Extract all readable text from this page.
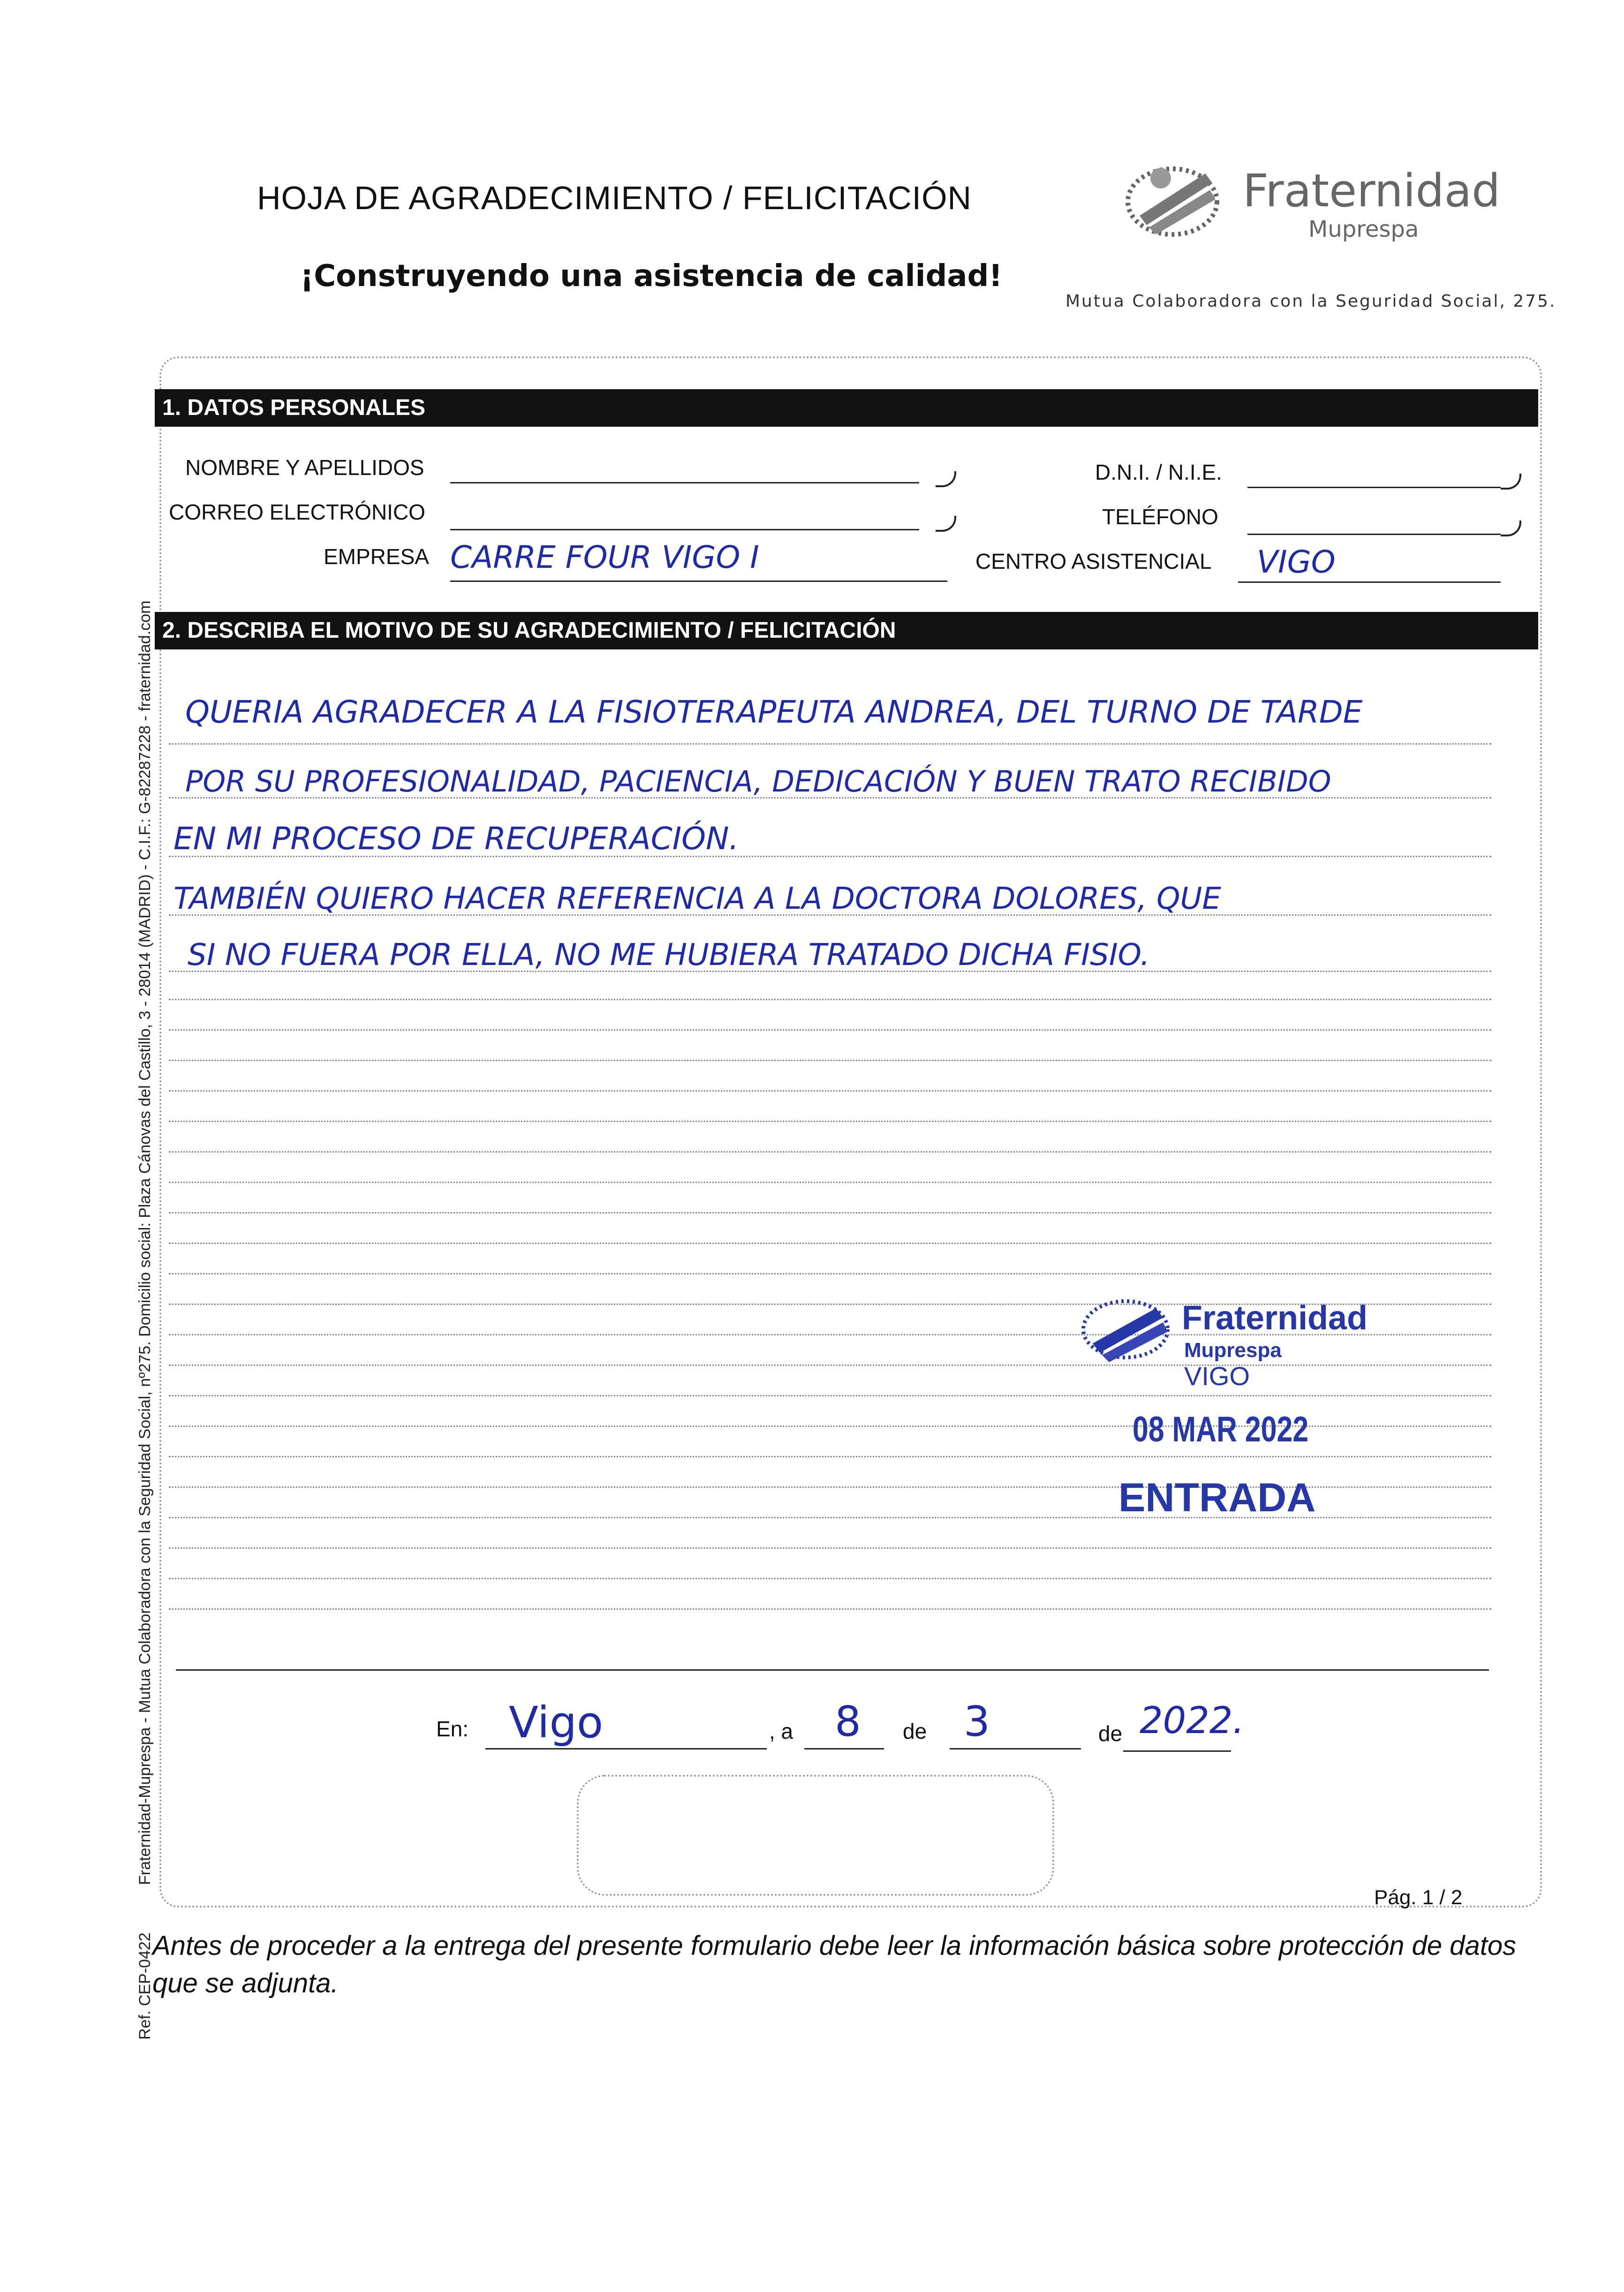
HOJA DE AGRADECIMIENTO / FELICITACIÓN
¡Construyendo una asistencia de calidad!
Fraternidad
Muprespa
Mutua Colaboradora con la Seguridad Social, 275.
Fraternidad-Muprespa - Mutua Colaboradora con la Seguridad Social, nº275. Domicilio social: Plaza Cánovas del Castillo, 3 - 28014 (MADRID) - C.I.F.: G-82287228 - fraternidad.com
Ref. CEP-0422
1. DATOS PERSONALES
NOMBRE Y APELLIDOS	D.N.I. / N.I.E.
CORREO ELECTRÓNICO	TELÉFONO
EMPRESA CARRE FOUR VIGO I	CENTRO ASISTENCIAL VIGO
2. DESCRIBA EL MOTIVO DE SU AGRADECIMIENTO / FELICITACIÓN
QUERIA AGRADECER A LA FISIOTERAPEUTA ANDREA, DEL TURNO DE TARDE
POR SU PROFESIONALIDAD, PACIENCIA, DEDICACIÓN Y BUEN TRATO RECIBIDO
EN MI PROCESO DE RECUPERACIÓN.
TAMBIÉN QUIERO HACER REFERENCIA A LA DOCTORA DOLORES, QUE
SI NO FUERA POR ELLA, NO ME HUBIERA TRATADO DICHA FISIO.
Fraternidad
Muprespa
VIGO
08 MAR 2022
ENTRADA
En: Vigo	, a 8 de 3	de 2022.
Pág. 1 / 2
Antes de proceder a la entrega del presente formulario debe leer la información básica sobre protección de datos que se adjunta.
